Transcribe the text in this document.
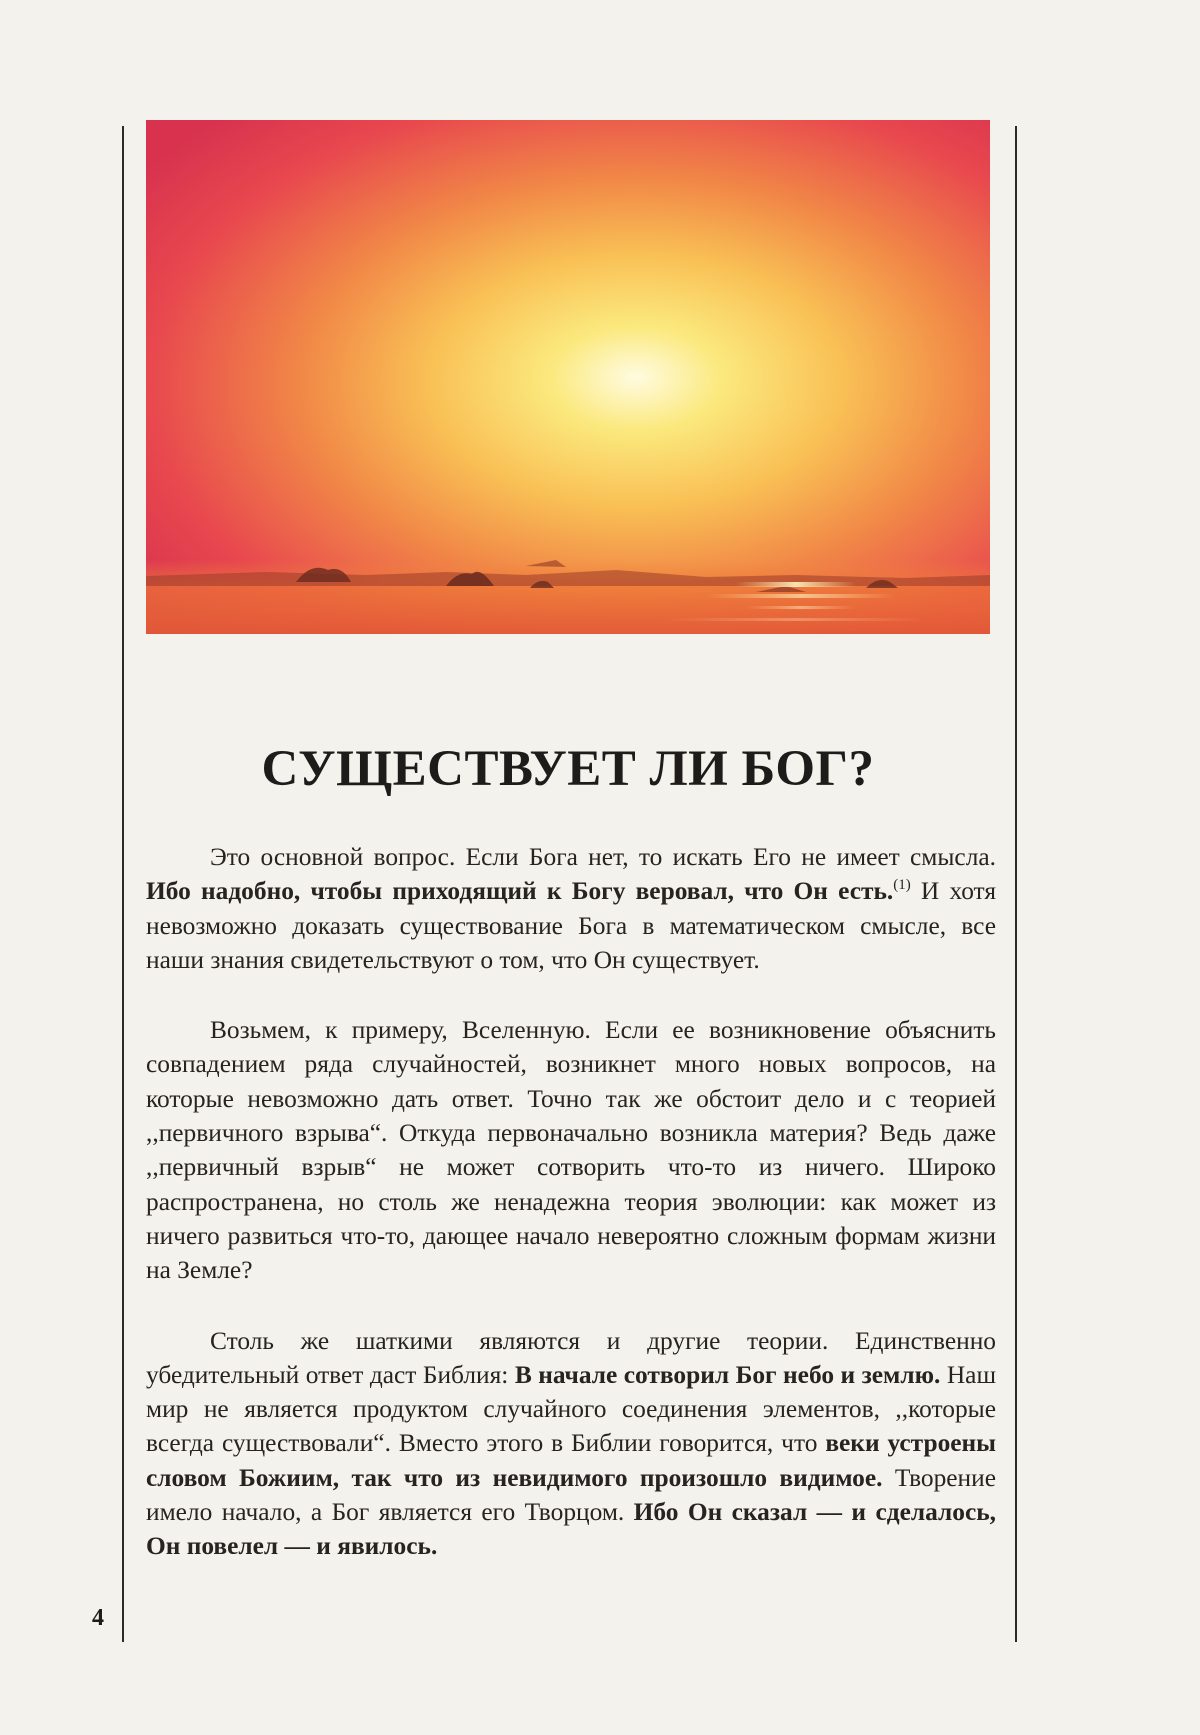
СУЩЕСТВУЕТ ЛИ БОГ?

Это основной вопрос. Если Бога нет, то искать Его не имеет смысла. Ибо надобно, чтобы приходящий к Богу веровал, что Он есть.$^{(1)}$ И хотя невозможно доказать существование Бога в математическом смысле, все наши знания свидетельствуют о том, что Он существует.

Возьмем, к примеру, Вселенную. Если ее возникновение объяснить совпадением ряда случайностей, возникнет много новых вопросов, на которые невозможно дать ответ. Точно так же обстоит дело и с теорией ,,первичного взрыва“. Откуда первоначально возникла материя? Ведь даже ,,первичный взрыв“ не может сотворить что-то из ничего. Широко распространена, но столь же ненадежна теория эволюции: как может из ничего развиться что-то, дающее начало невероятно сложным формам жизни на Земле?

Столь же шаткими являются и другие теории. Единственно убедительный ответ даст Библия: В начале сотворил Бог небо и землю. Наш мир не является продуктом случайного соединения элементов, ,,которые всегда существовали“. Вместо этого в Библии говорится, что веки устроены словом Божиим, так что из невидимого произошло видимое. Творение имело начало, а Бог является его Творцом. Ибо Он сказал — и сделалось, Он повелел — и явилось.

4
